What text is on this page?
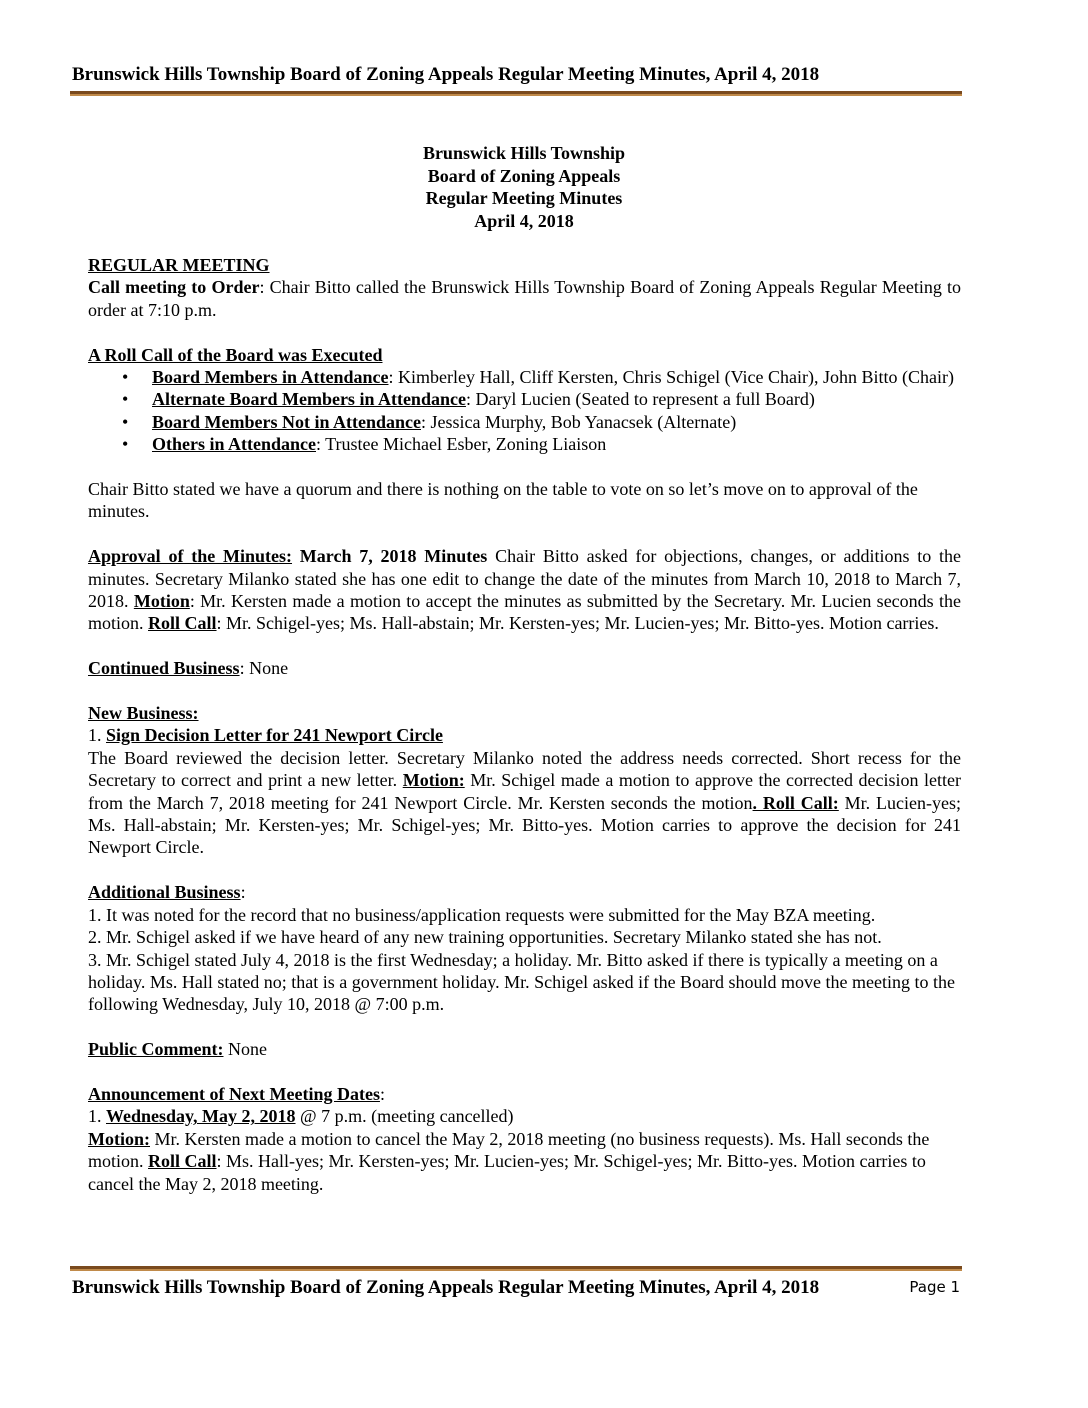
Brunswick Hills Township Board of Zoning Appeals Regular Meeting Minutes, April 4, 2018
Brunswick Hills Township
Board of Zoning Appeals
Regular Meeting Minutes
April 4, 2018

REGULAR MEETING

Call meeting to Order: Chair Bitto called the Brunswick Hills Township Board of Zoning Appeals Regular Meeting to order at 7:10 p.m.

A Roll Call of the Board was Executed

• Board Members in Attendance: Kimberley Hall, Cliff Kersten, Chris Schigel (Vice Chair), John Bitto (Chair)
• Alternate Board Members in Attendance: Daryl Lucien (Seated to represent a full Board)
• Board Members Not in Attendance: Jessica Murphy, Bob Yanacsek (Alternate)
• Others in Attendance: Trustee Michael Esber, Zoning Liaison

Chair Bitto stated we have a quorum and there is nothing on the table to vote on so let’s move on to approval of the minutes.

Approval of the Minutes: March 7, 2018 Minutes Chair Bitto asked for objections, changes, or additions to the minutes. Secretary Milanko stated she has one edit to change the date of the minutes from March 10, 2018 to March 7, 2018. Motion: Mr. Kersten made a motion to accept the minutes as submitted by the Secretary. Mr. Lucien seconds the motion. Roll Call: Mr. Schigel-yes; Ms. Hall-abstain; Mr. Kersten-yes; Mr. Lucien-yes; Mr. Bitto-yes. Motion carries.

Continued Business: None

New Business:

1. Sign Decision Letter for 241 Newport Circle

The Board reviewed the decision letter. Secretary Milanko noted the address needs corrected. Short recess for the Secretary to correct and print a new letter. Motion: Mr. Schigel made a motion to approve the corrected decision letter from the March 7, 2018 meeting for 241 Newport Circle. Mr. Kersten seconds the motion. Roll Call: Mr. Lucien-yes; Ms. Hall-abstain; Mr. Kersten-yes; Mr. Schigel-yes; Mr. Bitto-yes. Motion carries to approve the decision for 241 Newport Circle.

Additional Business:

1. It was noted for the record that no business/application requests were submitted for the May BZA meeting.

2. Mr. Schigel asked if we have heard of any new training opportunities. Secretary Milanko stated she has not.

3. Mr. Schigel stated July 4, 2018 is the first Wednesday; a holiday. Mr. Bitto asked if there is typically a meeting on a holiday. Ms. Hall stated no; that is a government holiday. Mr. Schigel asked if the Board should move the meeting to the following Wednesday, July 10, 2018 @ 7:00 p.m.

Public Comment: None

Announcement of Next Meeting Dates:

1. Wednesday, May 2, 2018 @ 7 p.m. (meeting cancelled)

Motion: Mr. Kersten made a motion to cancel the May 2, 2018 meeting (no business requests). Ms. Hall seconds the motion. Roll Call: Ms. Hall-yes; Mr. Kersten-yes; Mr. Lucien-yes; Mr. Schigel-yes; Mr. Bitto-yes. Motion carries to cancel the May 2, 2018 meeting.

Brunswick Hills Township Board of Zoning Appeals Regular Meeting Minutes, April 4, 2018	Page 1
